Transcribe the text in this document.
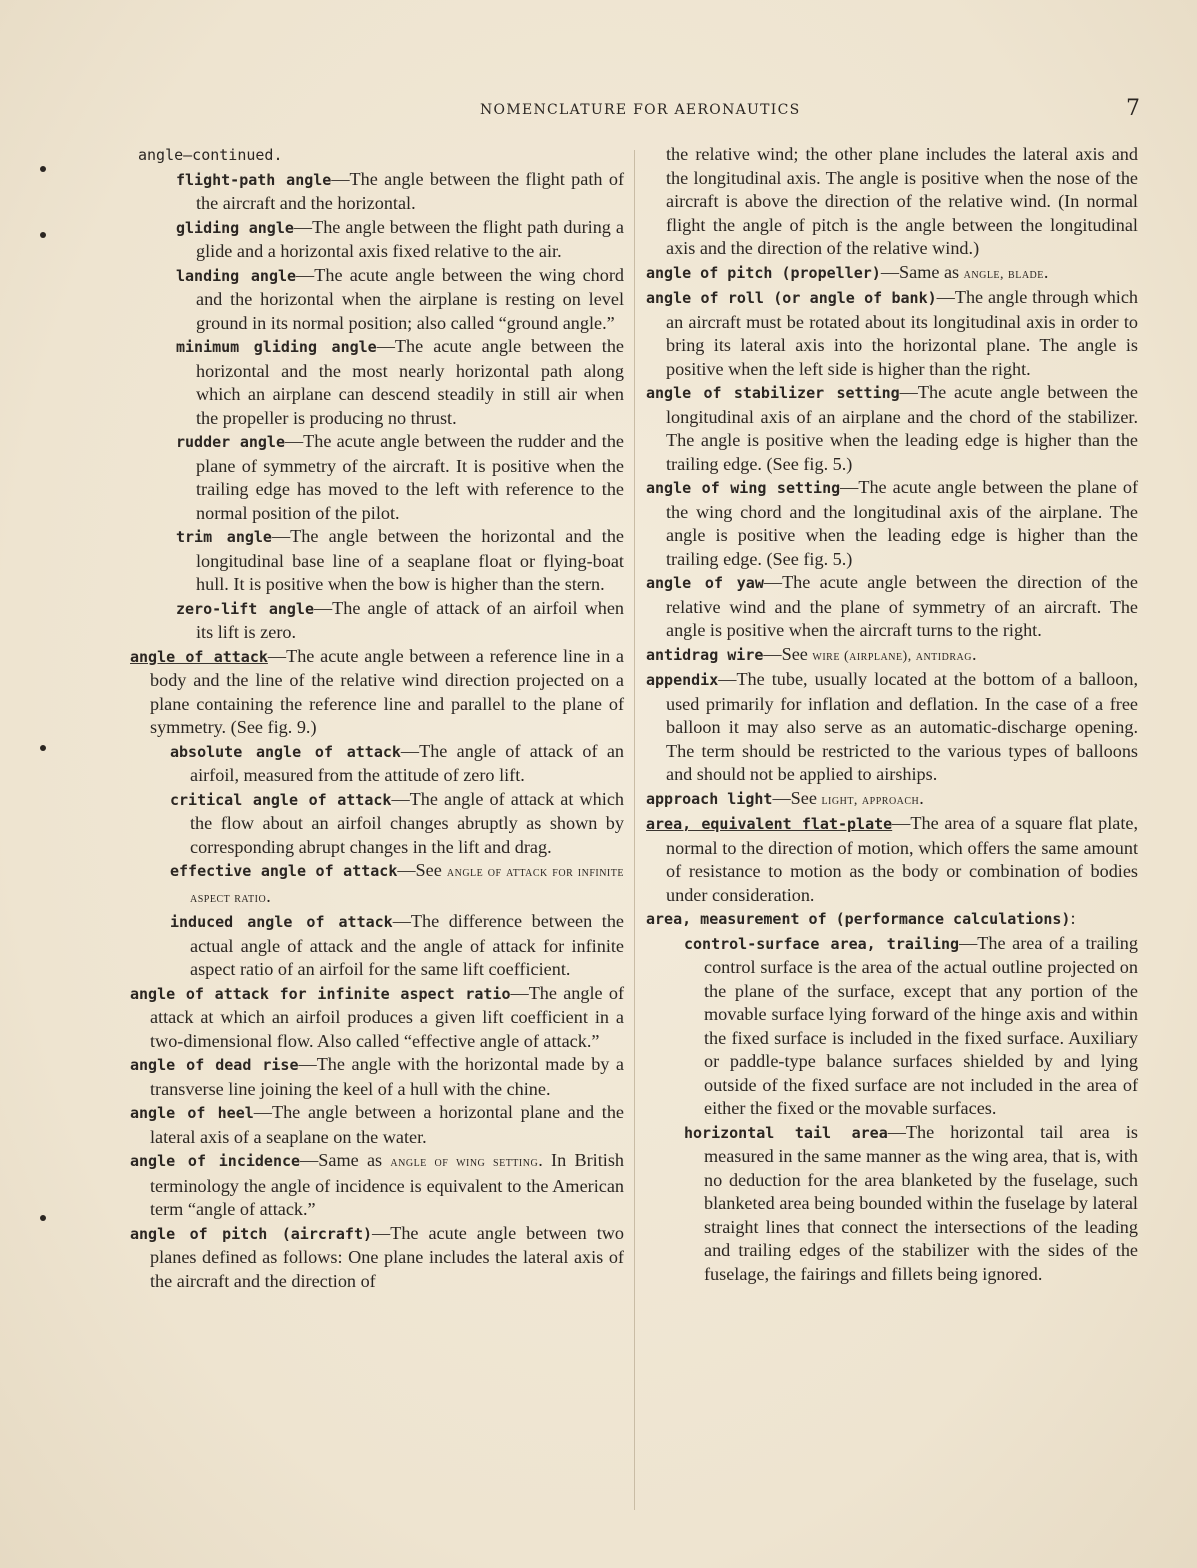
NOMENCLATURE FOR AERONAUTICS	7

angle—continued.

flight-path angle—The angle between the flight path of the aircraft and the horizontal.

gliding angle—The angle between the flight path during a glide and a horizontal axis fixed relative to the air.

landing angle—The acute angle between the wing chord and the horizontal when the airplane is resting on level ground in its normal position; also called “ground angle.”

minimum gliding angle—The acute angle between the horizontal and the most nearly horizontal path along which an airplane can descend steadily in still air when the propeller is producing no thrust.

rudder angle—The acute angle between the rudder and the plane of symmetry of the aircraft. It is positive when the trailing edge has moved to the left with reference to the normal position of the pilot.

trim angle—The angle between the horizontal and the longitudinal base line of a seaplane float or flying-boat hull. It is positive when the bow is higher than the stern.

zero-lift angle—The angle of attack of an airfoil when its lift is zero.

angle of attack—The acute angle between a reference line in a body and the line of the relative wind direction projected on a plane containing the reference line and parallel to the plane of symmetry. (See fig. 9.)

absolute angle of attack—The angle of attack of an airfoil, measured from the attitude of zero lift.

critical angle of attack—The angle of attack at which the flow about an airfoil changes abruptly as shown by corresponding abrupt changes in the lift and drag.

effective angle of attack—See angle of attack for infinite aspect ratio.

induced angle of attack—The difference between the actual angle of attack and the angle of attack for infinite aspect ratio of an airfoil for the same lift coefficient.

angle of attack for infinite aspect ratio—The angle of attack at which an airfoil produces a given lift coefficient in a two-dimensional flow. Also called “effective angle of attack.”

angle of dead rise—The angle with the horizontal made by a transverse line joining the keel of a hull with the chine.

angle of heel—The angle between a horizontal plane and the lateral axis of a seaplane on the water.

angle of incidence—Same as angle of wing setting. In British terminology the angle of incidence is equivalent to the American term “angle of attack.”

angle of pitch (aircraft)—The acute angle between two planes defined as follows: One plane includes the lateral axis of the aircraft and the direction of

the relative wind; the other plane includes the lateral axis and the longitudinal axis. The angle is positive when the nose of the aircraft is above the direction of the relative wind. (In normal flight the angle of pitch is the angle between the longitudinal axis and the direction of the relative wind.)

angle of pitch (propeller)—Same as angle, blade.

angle of roll (or angle of bank)—The angle through which an aircraft must be rotated about its longitudinal axis in order to bring its lateral axis into the horizontal plane. The angle is positive when the left side is higher than the right.

angle of stabilizer setting—The acute angle between the longitudinal axis of an airplane and the chord of the stabilizer. The angle is positive when the leading edge is higher than the trailing edge. (See fig. 5.)

angle of wing setting—The acute angle between the plane of the wing chord and the longitudinal axis of the airplane. The angle is positive when the leading edge is higher than the trailing edge. (See fig. 5.)

angle of yaw—The acute angle between the direction of the relative wind and the plane of symmetry of an aircraft. The angle is positive when the aircraft turns to the right.

antidrag wire—See wire (airplane), antidrag.

appendix—The tube, usually located at the bottom of a balloon, used primarily for inflation and deflation. In the case of a free balloon it may also serve as an automatic-discharge opening. The term should be restricted to the various types of balloons and should not be applied to airships.

approach light—See light, approach.

area, equivalent flat-plate—The area of a square flat plate, normal to the direction of motion, which offers the same amount of resistance to motion as the body or combination of bodies under consideration.

area, measurement of (performance calculations):

control-surface area, trailing—The area of a trailing control surface is the area of the actual outline projected on the plane of the surface, except that any portion of the movable surface lying forward of the hinge axis and within the fixed surface is included in the fixed surface. Auxiliary or paddle-type balance surfaces shielded by and lying outside of the fixed surface are not included in the area of either the fixed or the movable surfaces.

horizontal tail area—The horizontal tail area is measured in the same manner as the wing area, that is, with no deduction for the area blanketed by the fuselage, such blanketed area being bounded within the fuselage by lateral straight lines that connect the intersections of the leading and trailing edges of the stabilizer with the sides of the fuselage, the fairings and fillets being ignored.
